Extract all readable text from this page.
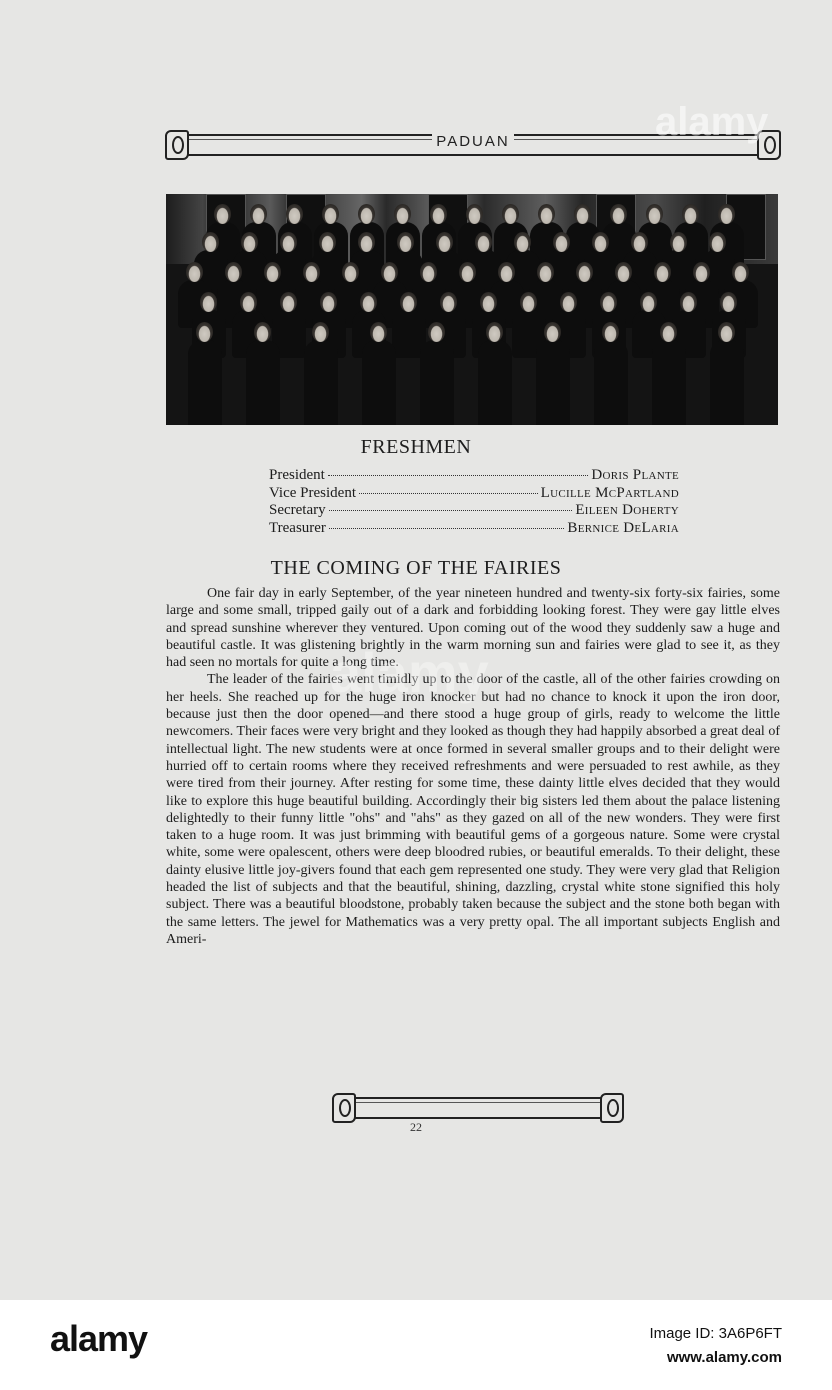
PADUAN
FRESHMEN
President	Doris Plante
Vice President	Lucille McPartland
Secretary	Eileen Doherty
Treasurer	Bernice DeLaria
THE COMING OF THE FAIRIES

One fair day in early September, of the year nineteen hundred and twenty-six forty-six fairies, some large and some small, tripped gaily out of a dark and forbidding looking forest. They were gay little elves and spread sunshine wherever they ventured. Upon coming out of the wood they suddenly saw a huge and beautiful castle. It was glistening brightly in the warm morning sun and fairies were glad to see it, as they had seen no mortals for quite a long time.

The leader of the fairies went timidly up to the door of the castle, all of the other fairies crowding on her heels. She reached up for the huge iron knocker but had no chance to knock it upon the iron door, because just then the door opened—and there stood a huge group of girls, ready to welcome the little newcomers. Their faces were very bright and they looked as though they had happily absorbed a great deal of intellectual light. The new students were at once formed in several smaller groups and to their delight were hurried off to certain rooms where they received refreshments and were persuaded to rest awhile, as they were tired from their journey. After resting for some time, these dainty little elves decided that they would like to explore this huge beautiful building. Accordingly their big sisters led them about the palace listening delightedly to their funny little "ohs" and "ahs" as they gazed on all of the new wonders. They were first taken to a huge room. It was just brimming with beautiful gems of a gorgeous nature. Some were crystal white, some were opalescent, others were deep bloodred rubies, or beautiful emeralds. To their delight, these dainty elusive little joy-givers found that each gem represented one study. They were very glad that Religion headed the list of subjects and that the beautiful, shining, dazzling, crystal white stone signified this holy subject. There was a beautiful bloodstone, probably taken because the subject and the stone both began with the same letters. The jewel for Mathematics was a very pretty opal. The all important subjects English and Ameri-

22
alamy
alamy
alamy	Image ID: 3A6P6FT
www.alamy.com
